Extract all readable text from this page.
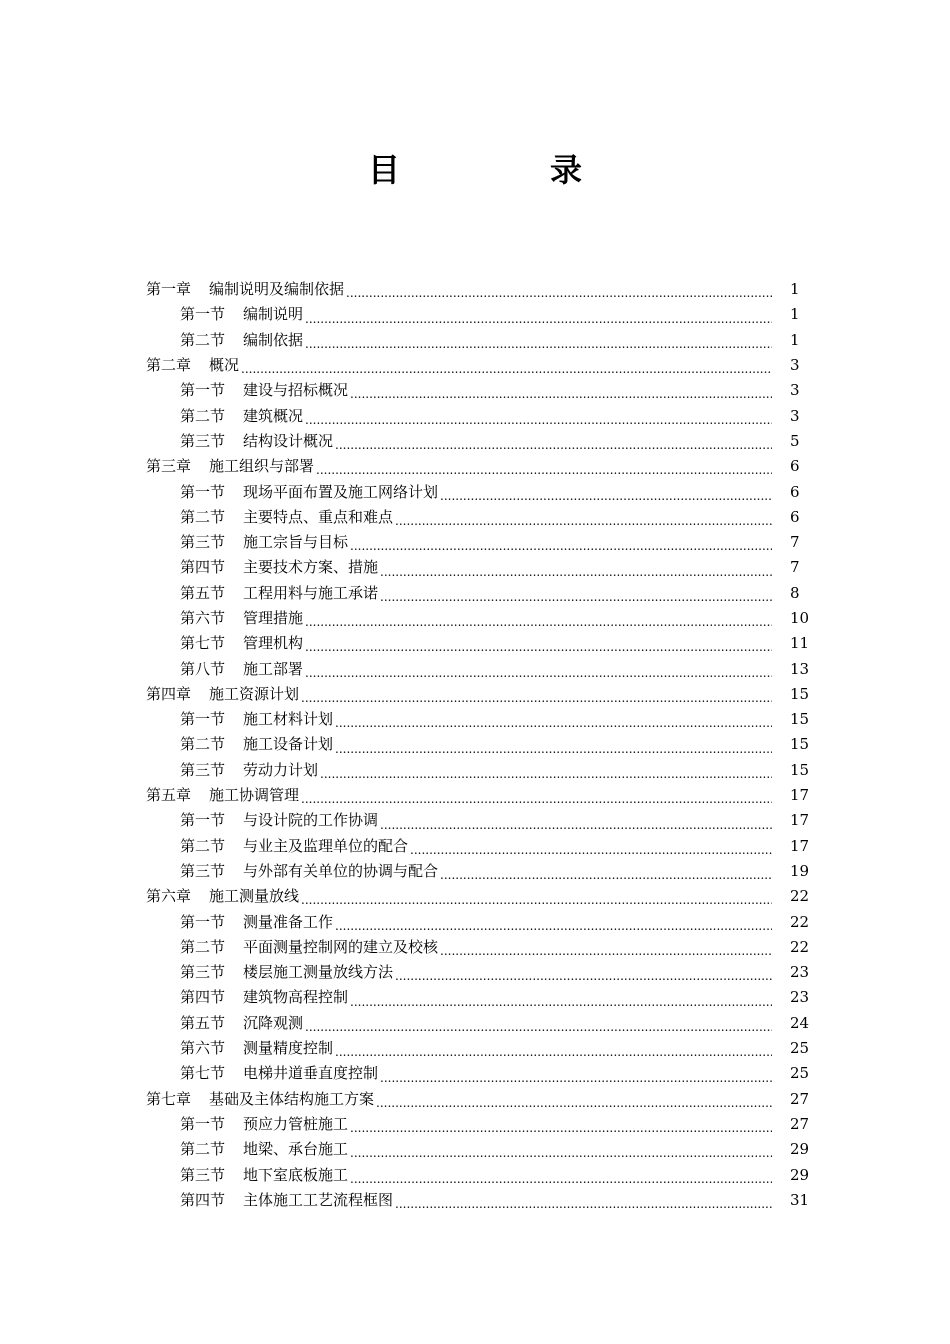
目	录
第一章 编制说明及编制依据 .....	1
第一节 编制说明 .....	1
第二节 编制依据 .....	1
第二章 概况 .....	3
第一节 建设与招标概况 .....	3
第二节 建筑概况 .....	3
第三节 结构设计概况 .....	5
第三章 施工组织与部署 .....	6
第一节 现场平面布置及施工网络计划 .....	6
第二节 主要特点、重点和难点 .....	6
第三节 施工宗旨与目标 .....	7
第四节 主要技术方案、措施 .....	7
第五节 工程用料与施工承诺 .....	8
第六节 管理措施 .....	10
第七节 管理机构 .....	11
第八节 施工部署 .....	13
第四章 施工资源计划 .....	15
第一节 施工材料计划 .....	15
第二节 施工设备计划 .....	15
第三节 劳动力计划 .....	15
第五章 施工协调管理 .....	17
第一节 与设计院的工作协调 .....	17
第二节 与业主及监理单位的配合 .....	17
第三节 与外部有关单位的协调与配合 .....	19
第六章 施工测量放线 .....	22
第一节 测量准备工作 .....	22
第二节 平面测量控制网的建立及校核 .....	22
第三节 楼层施工测量放线方法 .....	23
第四节 建筑物高程控制 .....	23
第五节 沉降观测 .....	24
第六节 测量精度控制 .....	25
第七节 电梯井道垂直度控制 .....	25
第七章 基础及主体结构施工方案 .....	27
第一节 预应力管桩施工 .....	27
第二节 地梁、承台施工 .....	29
第三节 地下室底板施工 .....	29
第四节 主体施工工艺流程框图 .....	31
